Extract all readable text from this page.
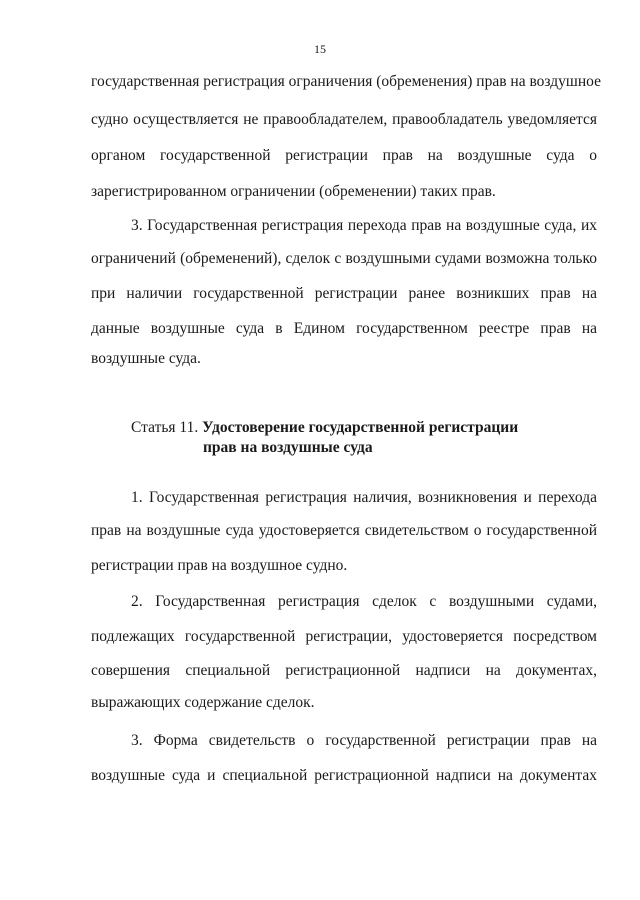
15
государственная регистрация ограничения (обременения) прав на воздушное
судно осуществляется не правообладателем, правообладатель уведомляется
органом государственной регистрации прав на воздушные суда о
зарегистрированном ограничении (обременении) таких прав.
3. Государственная регистрация перехода прав на воздушные суда, их
ограничений (обременений), сделок с воздушными судами возможна только
при наличии государственной регистрации ранее возникших прав на
данные воздушные суда в Едином государственном реестре прав на
воздушные суда.
Статья 11. Удостоверение государственной регистрации
прав на воздушные суда
1. Государственная регистрация наличия, возникновения и перехода
прав на воздушные суда удостоверяется свидетельством о государственной
регистрации прав на воздушное судно.
2. Государственная регистрация сделок с воздушными судами,
подлежащих государственной регистрации, удостоверяется посредством
совершения специальной регистрационной надписи на документах,
выражающих содержание сделок.
3. Форма свидетельств о государственной регистрации прав на
воздушные суда и специальной регистрационной надписи на документах
